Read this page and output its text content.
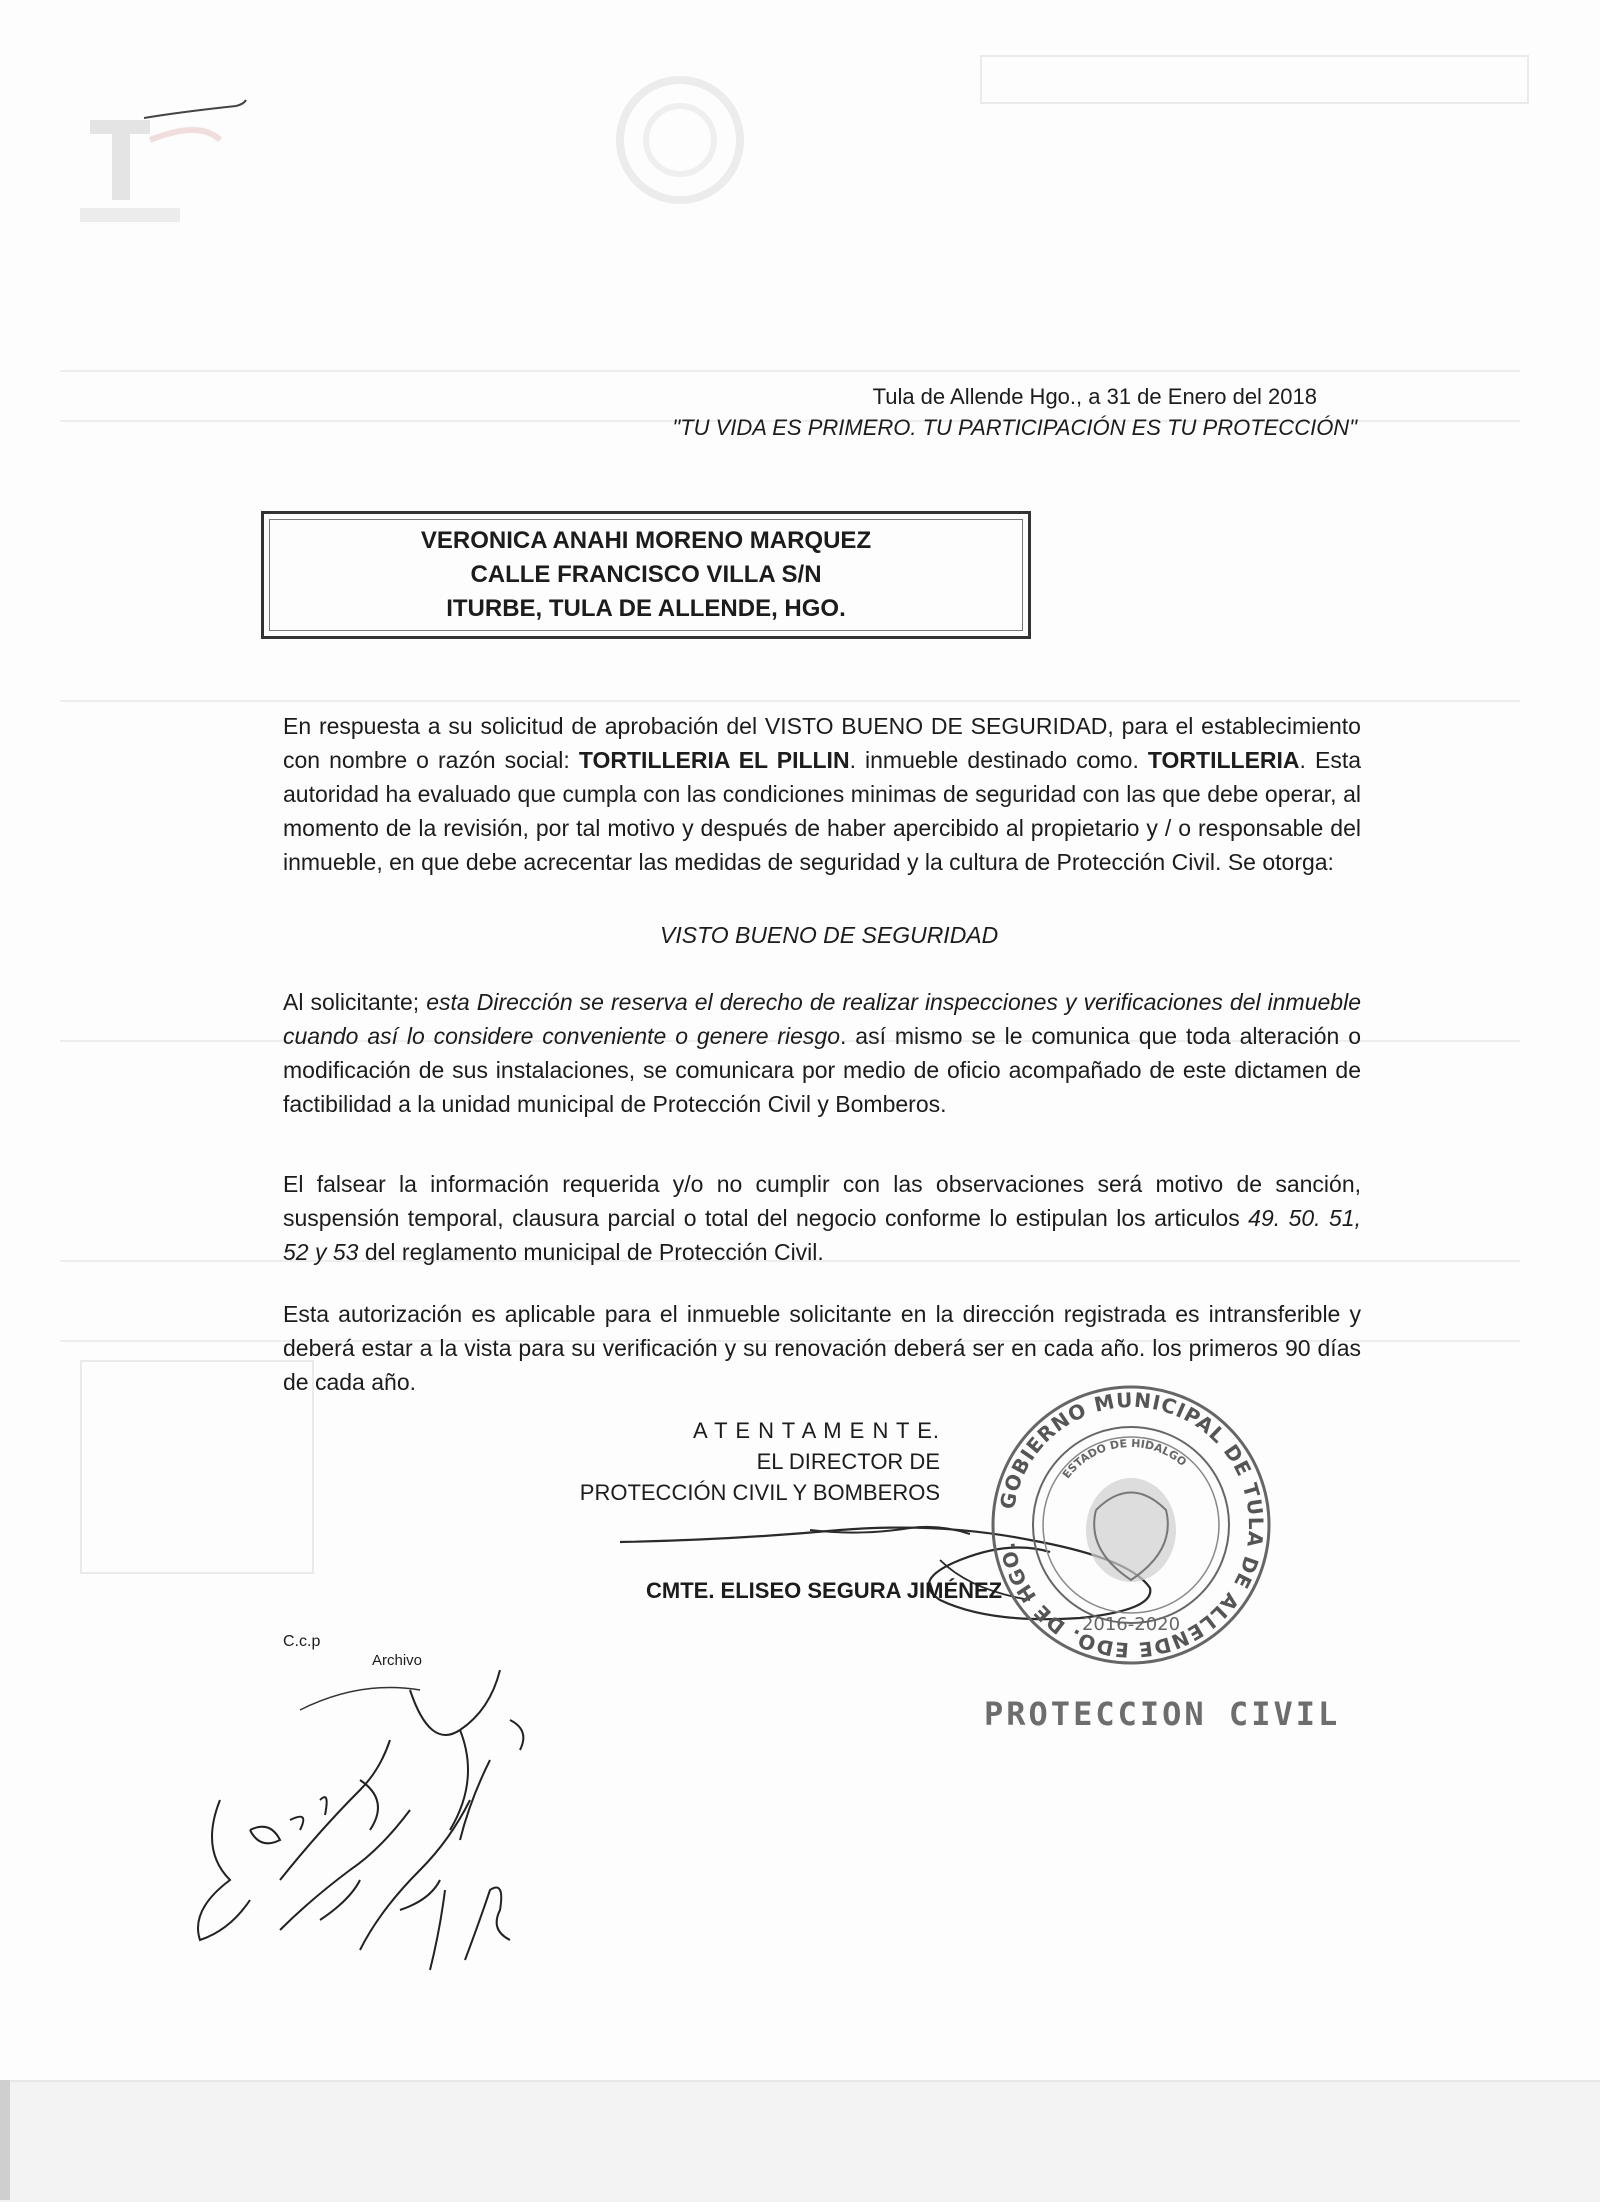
Tula de Allende Hgo., a 31 de Enero del 2018
"TU VIDA ES PRIMERO. TU PARTICIPACIÓN ES TU PROTECCIÓN"
VERONICA ANAHI MORENO MARQUEZ
CALLE FRANCISCO VILLA S/N
ITURBE, TULA DE ALLENDE, HGO.
En respuesta a su solicitud de aprobación del VISTO BUENO DE SEGURIDAD, para el establecimiento con nombre o razón social: TORTILLERIA EL PILLIN. inmueble destinado como. TORTILLERIA. Esta autoridad ha evaluado que cumpla con las condiciones minimas de seguridad con las que debe operar, al momento de la revisión, por tal motivo y después de haber apercibido al propietario y / o responsable del inmueble, en que debe acrecentar las medidas de seguridad y la cultura de Protección Civil. Se otorga:
VISTO BUENO DE SEGURIDAD
Al solicitante; esta Dirección se reserva el derecho de realizar inspecciones y verificaciones del inmueble cuando así lo considere conveniente o genere riesgo. así mismo se le comunica que toda alteración o modificación de sus instalaciones, se comunicara por medio de oficio acompañado de este dictamen de factibilidad a la unidad municipal de Protección Civil y Bomberos.
El falsear la información requerida y/o no cumplir con las observaciones será motivo de sanción, suspensión temporal, clausura parcial o total del negocio conforme lo estipulan los articulos 49. 50. 51, 52 y 53 del reglamento municipal de Protección Civil.
Esta autorización es aplicable para el inmueble solicitante en la dirección registrada es intransferible y deberá estar a la vista para su verificación y su renovación deberá ser en cada año. los primeros 90 días de cada año.
A T E N T A M E N T E.
EL DIRECTOR DE
PROTECCIÓN CIVIL Y BOMBEROS
CMTE. ELISEO SEGURA JIMÉNEZ
GOBIERNO MUNICIPAL DE TULA DE ALLENDE EDO. DE HGO.
ESTADO DE HIDALGO
2016-2020
PROTECCION CIVIL
C.c.p
Archivo
